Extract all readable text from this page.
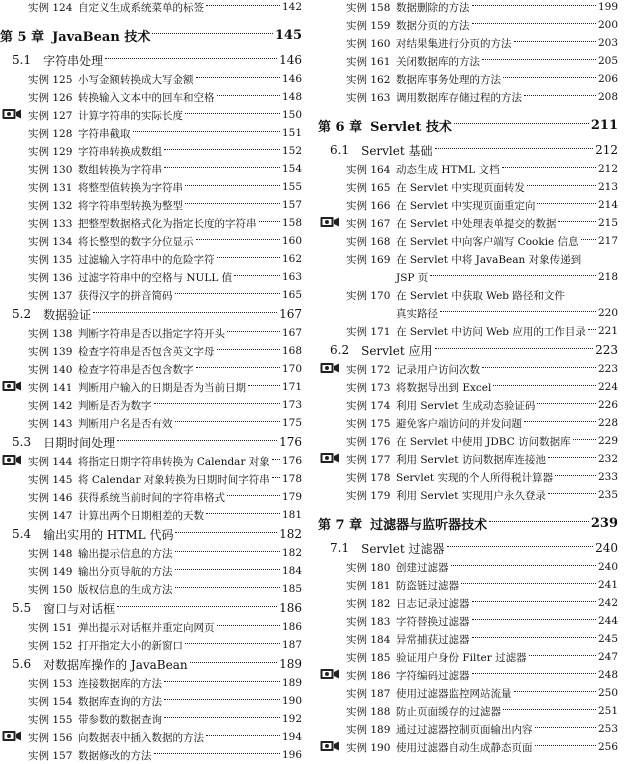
实例 124 自定义生成系统菜单的标签	142
第 5 章 JavaBean 技术	145
5.1 字符串处理	146
实例 125 小写金额转换成大写金额	146
实例 126 转换输入文本中的回车和空格	148
实例 127 计算字符串的实际长度	150
实例 128 字符串截取	151
实例 129 字符串转换成数组	152
实例 130 数组转换为字符串	154
实例 131 将整型值转换为字符串	155
实例 132 将字符串型转换为整型	157
实例 133 把整型数据格式化为指定长度的字符串 158
实例 134 将长整型的数字分位显示	160
实例 135 过滤输入字符串中的危险字符	162
实例 136 过滤字符串中的空格与 NULL 值	163
实例 137 获得汉字的拼音简码	165
5.2 数据验证	167
实例 138 判断字符串是否以指定字符开头	167
实例 139 检查字符串是否包含英文字母	168
实例 140 检查字符串是否包含数字	170
实例 141 判断用户输入的日期是否为当前日期	171
实例 142 判断是否为数字	173
实例 143 判断用户名是否有效	175
5.3 日期时间处理	176
实例 144 将指定日期字符串转换为 Calendar 对象 176
实例 145 将 Calendar 对象转换为日期时间字符串 178
实例 146 获得系统当前时间的字符串格式	179
实例 147 计算出两个日期相差的天数	181
5.4 输出实用的 HTML 代码	182
实例 148 输出提示信息的方法	182
实例 149 输出分页导航的方法	184
实例 150 版权信息的生成方法	185
5.5 窗口与对话框	186
实例 151 弹出提示对话框并重定向网页	186
实例 152 打开指定大小的新窗口	187
5.6 对数据库操作的 JavaBean	189
实例 153 连接数据库的方法	189
实例 154 数据库查询的方法	190
实例 155 带参数的数据查询	192
实例 156 向数据表中插入数据的方法	194
实例 157 数据修改的方法	196
实例 158 数据删除的方法	199
实例 159 数据分页的方法	200
实例 160 对结果集进行分页的方法	203
实例 161 关闭数据库的方法	205
实例 162 数据库事务处理的方法	206
实例 163 调用数据库存储过程的方法	208
第 6 章 Servlet 技术	211
6.1 Servlet 基础	212
实例 164 动态生成 HTML 文档	212
实例 165 在 Servlet 中实现页面转发	213
实例 166 在 Servlet 中实现页面重定向	214
实例 167 在 Servlet 中处理表单提交的数据	215
实例 168 在 Servlet 中向客户端写 Cookie 信息 217
实例 169 在 Servlet 中将 JavaBean 对象传递到
JSP 页	218
实例 170 在 Servlet 中获取 Web 路径和文件
真实路径	220
实例 171 在 Servlet 中访问 Web 应用的工作目录 221
6.2 Servlet 应用	223
实例 172 记录用户访问次数	223
实例 173 将数据导出到 Excel	224
实例 174 利用 Servlet 生成动态验证码	226
实例 175 避免客户端访问的并发问题	228
实例 176 在 Servlet 中使用 JDBC 访问数据库	229
实例 177 利用 Servlet 访问数据库连接池	232
实例 178 Servlet 实现的个人所得税计算器	233
实例 179 利用 Servlet 实现用户永久登录	235
第 7 章 过滤器与监听器技术	239
7.1 Servlet 过滤器	240
实例 180 创建过滤器	240
实例 181 防盗链过滤器	241
实例 182 日志记录过滤器	242
实例 183 字符替换过滤器	244
实例 184 异常捕获过滤器	245
实例 185 验证用户身份 Filter 过滤器	247
实例 186 字符编码过滤器	248
实例 187 使用过滤器监控网站流量	250
实例 188 防止页面缓存的过滤器	251
实例 189 通过过滤器控制页面输出内容	253
实例 190 使用过滤器自动生成静态页面	256
